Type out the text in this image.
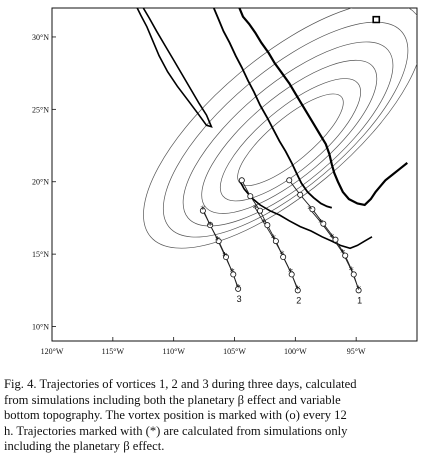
*
*
*
*
*
*
1
*
*
*
*
*
*
2
*
*
*
*
*
*
3
120°W	115°W	110°W	105°W	100°W	95°W
10°N
15°N
20°N
25°N
30°N
Fig. 4. Trajectories of vortices 1, 2 and 3 during three days, calculated
from simulations including both the planetary β effect and variable
bottom topography. The vortex position is marked with (o) every 12
h. Trajectories marked with (*) are calculated from simulations only
including the planetary β effect.
